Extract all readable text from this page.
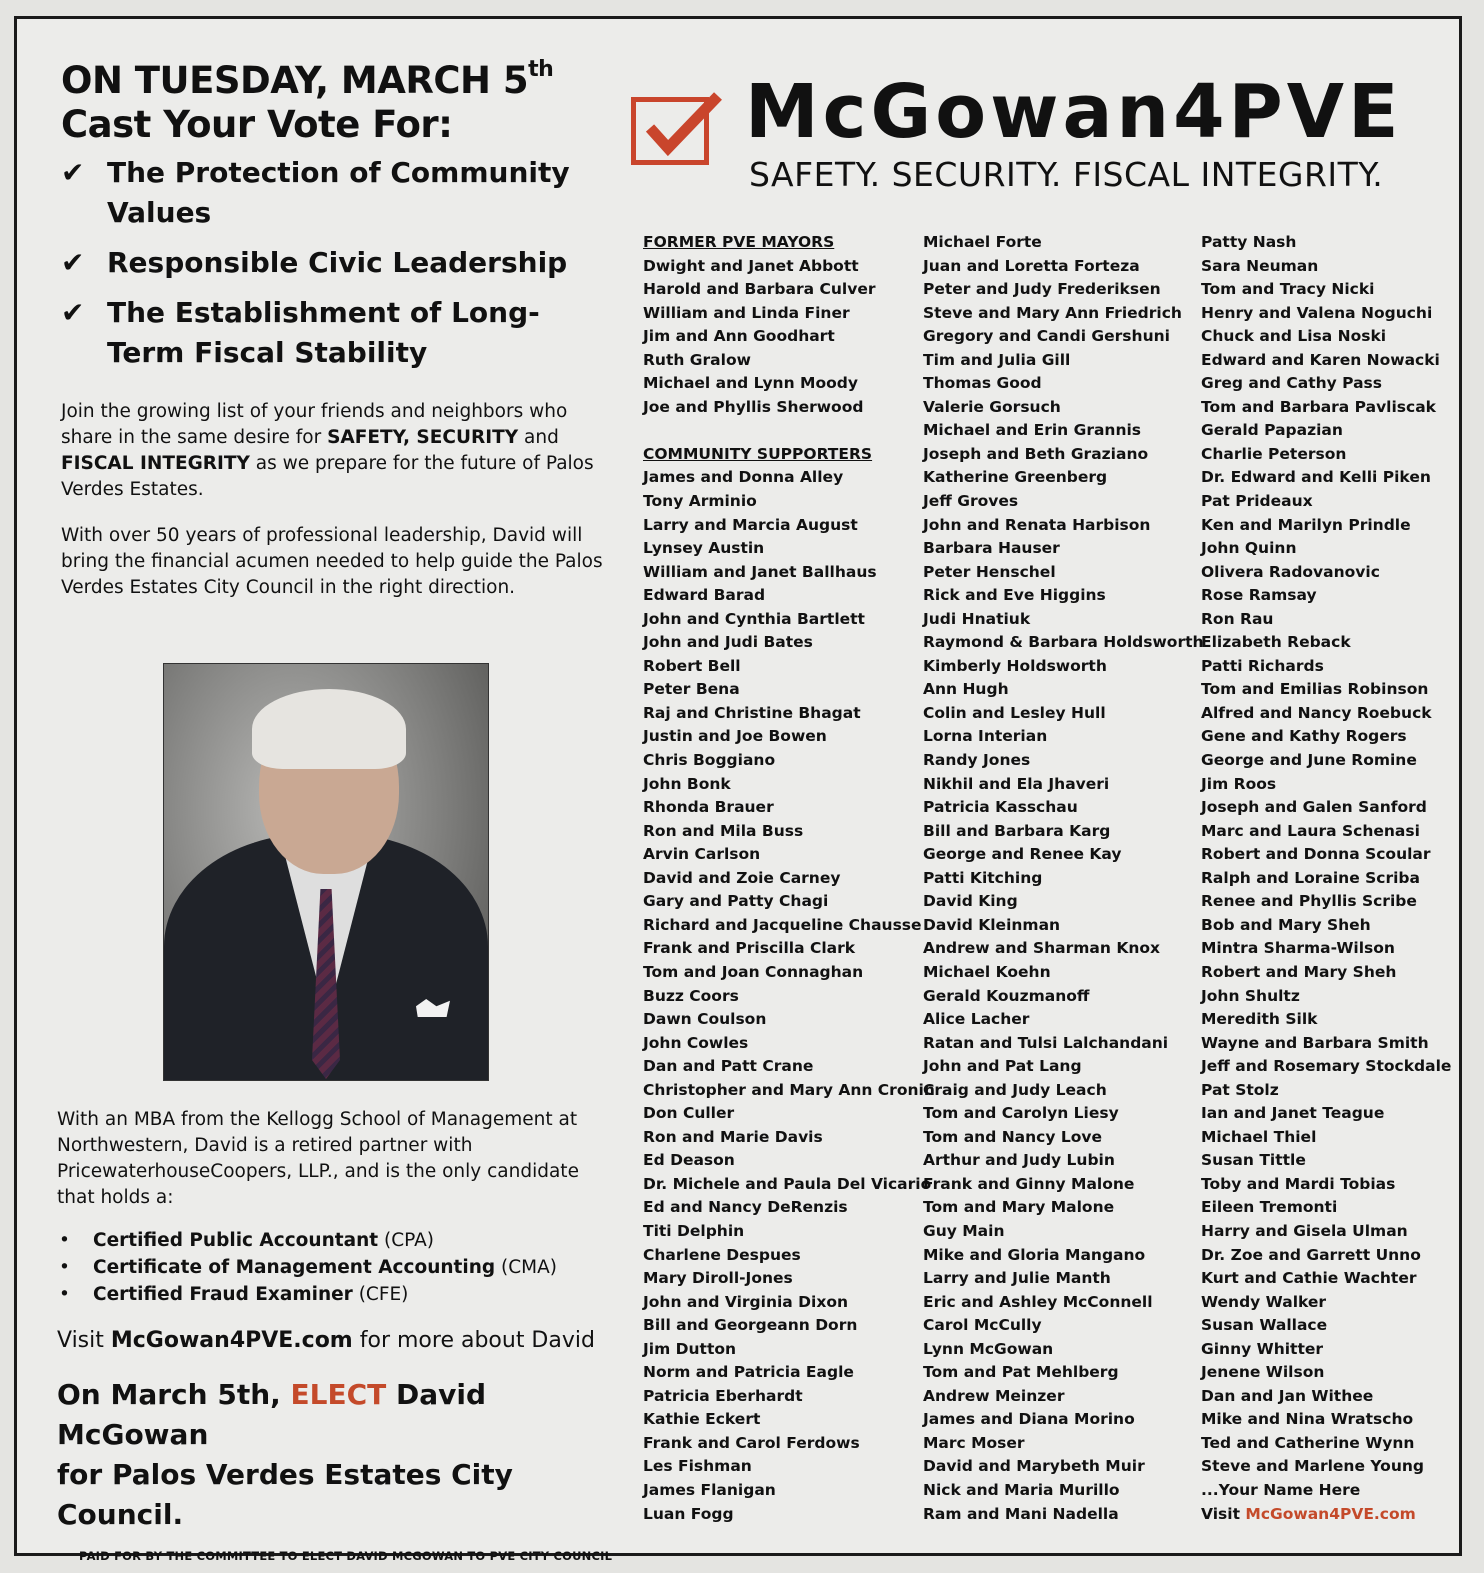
ON TUESDAY, MARCH 5th
Cast Your Vote For:
✔ The Protection of Community Values
✔ Responsible Civic Leadership
✔ The Establishment of Long-Term Fiscal Stability

Join the growing list of your friends and neighbors who share in the same desire for SAFETY, SECURITY and FISCAL INTEGRITY as we prepare for the future of Palos Verdes Estates.

With over 50 years of professional leadership, David will bring the financial acumen needed to help guide the Palos Verdes Estates City Council in the right direction.

With an MBA from the Kellogg School of Management at Northwestern, David is a retired partner with PricewaterhouseCoopers, LLP., and is the only candidate that holds a:

• Certified Public Accountant (CPA)
• Certificate of Management Accounting (CMA)
• Certified Fraud Examiner (CFE)
Visit McGowan4PVE.com for more about David
On March 5th, ELECT David McGowan
for Palos Verdes Estates City Council.
PAID FOR BY THE COMMITTEE TO ELECT DAVID MCGOWAN TO PVE CITY COUNCIL
McGowan4PVE
SAFETY. SECURITY. FISCAL INTEGRITY.
FORMER PVE MAYORS
Dwight and Janet Abbott
Harold and Barbara Culver
William and Linda Finer
Jim and Ann Goodhart
Ruth Gralow
Michael and Lynn Moody
Joe and Phyllis Sherwood
COMMUNITY SUPPORTERS
James and Donna Alley
Tony Arminio
Larry and Marcia August
Lynsey Austin
William and Janet Ballhaus
Edward Barad
John and Cynthia Bartlett
John and Judi Bates
Robert Bell
Peter Bena
Raj and Christine Bhagat
Justin and Joe Bowen
Chris Boggiano
John Bonk
Rhonda Brauer
Ron and Mila Buss
Arvin Carlson
David and Zoie Carney
Gary and Patty Chagi
Richard and Jacqueline Chausse
Frank and Priscilla Clark
Tom and Joan Connaghan
Buzz Coors
Dawn Coulson
John Cowles
Dan and Patt Crane
Christopher and Mary Ann Cronin
Don Culler
Ron and Marie Davis
Ed Deason
Dr. Michele and Paula Del Vicario
Ed and Nancy DeRenzis
Titi Delphin
Charlene Despues
Mary Diroll-Jones
John and Virginia Dixon
Bill and Georgeann Dorn
Jim Dutton
Norm and Patricia Eagle
Patricia Eberhardt
Kathie Eckert
Frank and Carol Ferdows
Les Fishman
James Flanigan
Luan Fogg
Michael Forte
Juan and Loretta Forteza
Peter and Judy Frederiksen
Steve and Mary Ann Friedrich
Gregory and Candi Gershuni
Tim and Julia Gill
Thomas Good
Valerie Gorsuch
Michael and Erin Grannis
Joseph and Beth Graziano
Katherine Greenberg
Jeff Groves
John and Renata Harbison
Barbara Hauser
Peter Henschel
Rick and Eve Higgins
Judi Hnatiuk
Raymond & Barbara Holdsworth
Kimberly Holdsworth
Ann Hugh
Colin and Lesley Hull
Lorna Interian
Randy Jones
Nikhil and Ela Jhaveri
Patricia Kasschau
Bill and Barbara Karg
George and Renee Kay
Patti Kitching
David King
David Kleinman
Andrew and Sharman Knox
Michael Koehn
Gerald Kouzmanoff
Alice Lacher
Ratan and Tulsi Lalchandani
John and Pat Lang
Craig and Judy Leach
Tom and Carolyn Liesy
Tom and Nancy Love
Arthur and Judy Lubin
Frank and Ginny Malone
Tom and Mary Malone
Guy Main
Mike and Gloria Mangano
Larry and Julie Manth
Eric and Ashley McConnell
Carol McCully
Lynn McGowan
Tom and Pat Mehlberg
Andrew Meinzer
James and Diana Morino
Marc Moser
David and Marybeth Muir
Nick and Maria Murillo
Ram and Mani Nadella
Patty Nash
Sara Neuman
Tom and Tracy Nicki
Henry and Valena Noguchi
Chuck and Lisa Noski
Edward and Karen Nowacki
Greg and Cathy Pass
Tom and Barbara Pavliscak
Gerald Papazian
Charlie Peterson
Dr. Edward and Kelli Piken
Pat Prideaux
Ken and Marilyn Prindle
John Quinn
Olivera Radovanovic
Rose Ramsay
Ron Rau
Elizabeth Reback
Patti Richards
Tom and Emilias Robinson
Alfred and Nancy Roebuck
Gene and Kathy Rogers
George and June Romine
Jim Roos
Joseph and Galen Sanford
Marc and Laura Schenasi
Robert and Donna Scoular
Ralph and Loraine Scriba
Renee and Phyllis Scribe
Bob and Mary Sheh
Mintra Sharma-Wilson
Robert and Mary Sheh
John Shultz
Meredith Silk
Wayne and Barbara Smith
Jeff and Rosemary Stockdale
Pat Stolz
Ian and Janet Teague
Michael Thiel
Susan Tittle
Toby and Mardi Tobias
Eileen Tremonti
Harry and Gisela Ulman
Dr. Zoe and Garrett Unno
Kurt and Cathie Wachter
Wendy Walker
Susan Wallace
Ginny Whitter
Jenene Wilson
Dan and Jan Withee
Mike and Nina Wratscho
Ted and Catherine Wynn
Steve and Marlene Young
...Your Name Here
Visit McGowan4PVE.com
